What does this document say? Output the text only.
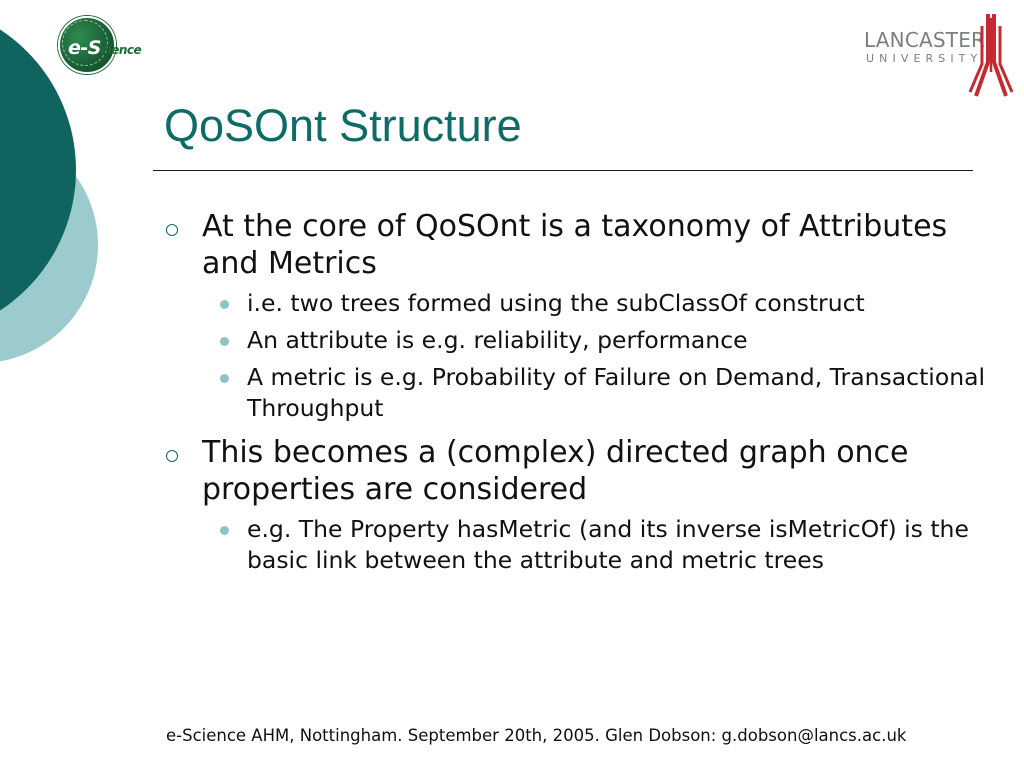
e-Science	LANCASTER
UNIVERSITY
QoSOnt Structure
At the core of QoSOnt is a taxonomy of Attributes and Metrics
i.e. two trees formed using the subClassOf construct
An attribute is e.g. reliability, performance
A metric is e.g. Probability of Failure on Demand, Transactional Throughput
This becomes a (complex) directed graph once properties are considered
e.g. The Property hasMetric (and its inverse isMetricOf) is the basic link between the attribute and metric trees
e-Science AHM, Nottingham. September 20th, 2005. Glen Dobson: g.dobson@lancs.ac.uk
